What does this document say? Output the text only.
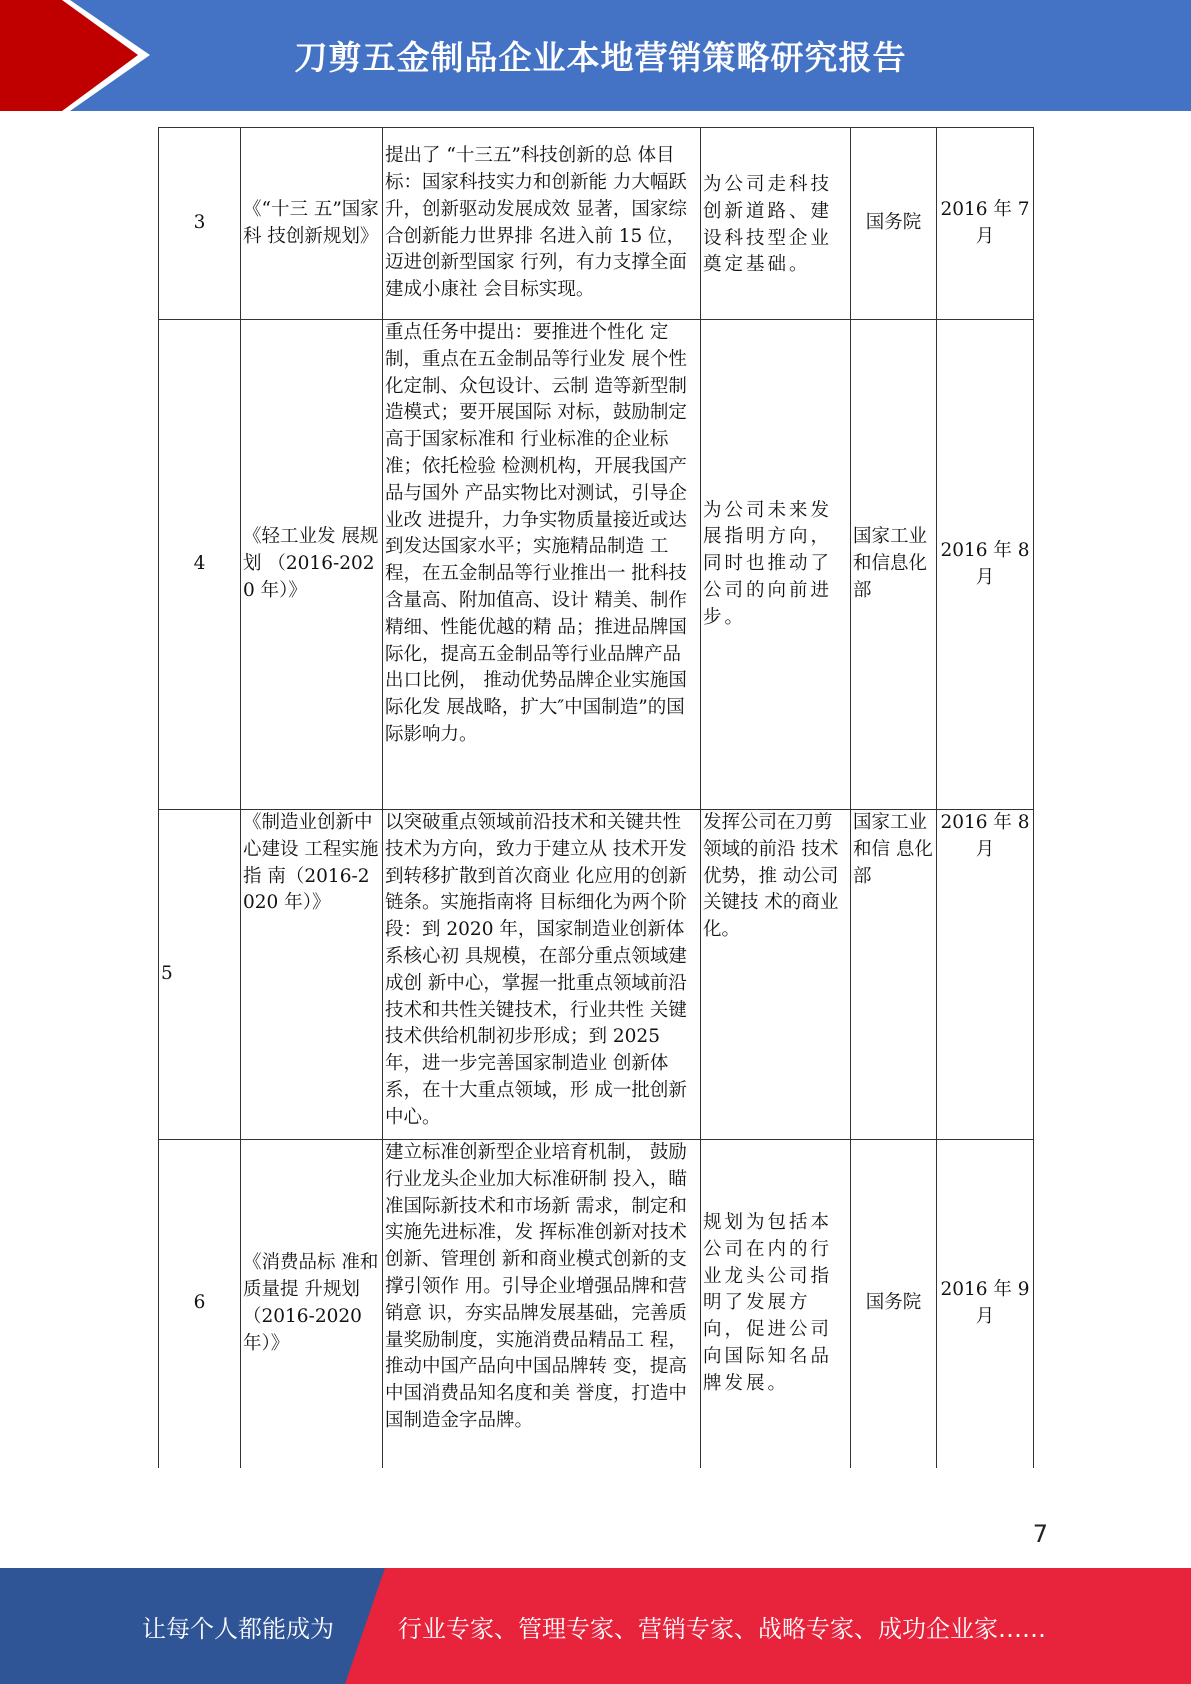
刀剪五金制品企业本地营销策略研究报告
3	《“十三 五”国家科 技创新规划》	提出了 “十三五”科技创新的总 体目标：国家科技实力和创新能 力大幅跃升，创新驱动发展成效 显著，国家综合创新能力世界排 名进入前 15 位，迈进创新型国家 行列，有力支撑全面建成小康社 会目标实现。	为公司走科技创新道路、建设科技型企业奠定基础。	国务院	2016 年 7 月
4	《轻工业发 展规划 （2016-2020 年）》	重点任务中提出：要推进个性化 定制，重点在五金制品等行业发 展个性化定制、众包设计、云制 造等新型制造模式；要开展国际 对标，鼓励制定高于国家标准和 行业标准的企业标准；依托检验 检测机构，开展我国产品与国外 产品实物比对测试，引导企业改 进提升，力争实物质量接近或达 到发达国家水平；实施精品制造 工程，在五金制品等行业推出一 批科技含量高、附加值高、设计 精美、制作精细、性能优越的精 品；推进品牌国际化，提高五金制品等行业品牌产品出口比例， 推动优势品牌企业实施国际化发 展战略，扩大″中国制造”的国 际影响力。	为公司未来发展指明方向，同时也推动了公司的向前进步。	国家工业和信息化部	2016 年 8 月
5	《制造业创新中心建设 工程实施指 南（2016-2020 年）》	以突破重点领域前沿技术和关键共性技术为方向，致力于建立从 技术开发到转移扩散到首次商业 化应用的创新链条。实施指南将 目标细化为两个阶段：到 2020 年，国家制造业创新体系核心初 具规模，在部分重点领域建成创 新中心，掌握一批重点领域前沿 技术和共性关键技术，行业共性 关键技术供给机制初步形成；到 2025 年，进一步完善国家制造业 创新体系，在十大重点领域，形 成一批创新中心。	发挥公司在刀剪领域的前沿 技术优势，推 动公司关键技 术的商业化。	国家工业和信 息化部	2016 年 8 月
6	《消费品标 准和质量提 升规划 （2016-2020 年）》	建立标准创新型企业培育机制， 鼓励行业龙头企业加大标准研制 投入，瞄准国际新技术和市场新 需求，制定和实施先进标准，发 挥标准创新对技术创新、管理创 新和商业模式创新的支撑引领作 用。引导企业增强品牌和营销意 识，夯实品牌发展基础，完善质 量奖励制度，实施消费品精品工 程，推动中国产品向中国品牌转 变，提高中国消费品知名度和美 誉度，打造中国制造金字品牌。	规划为包括本公司在内的行业龙头公司指明了发展方 向，促进公司 向国际知名品 牌发展。	国务院	2016 年 9 月
7
让每个人都能成为	行业专家、管理专家、营销专家、战略专家、成功企业家……
